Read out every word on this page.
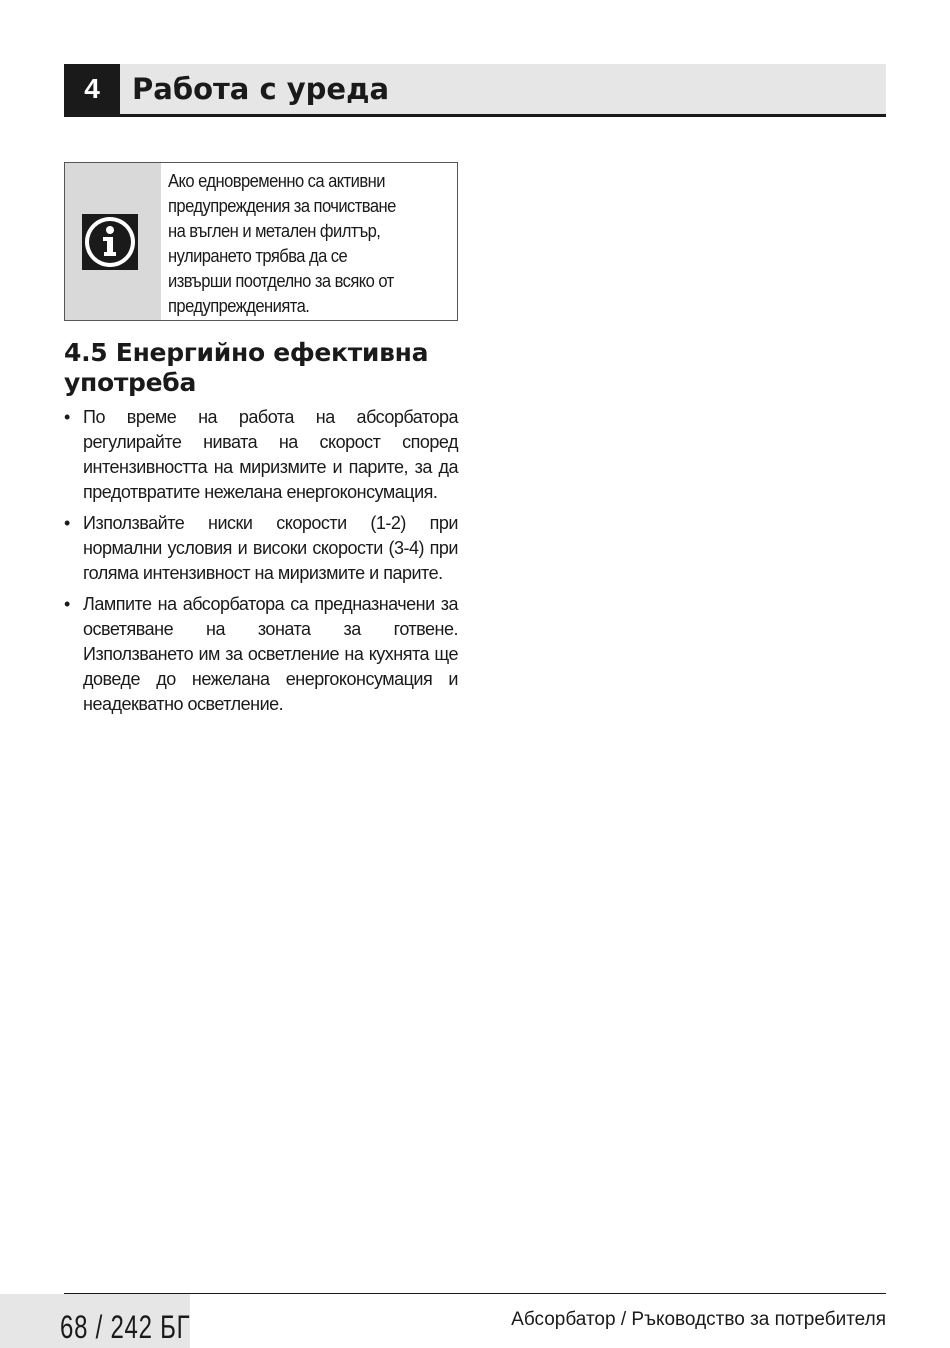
4	Работа с уреда
Ако едновременно са активни
предупреждения за почистване
на въглен и метален филтър,
нулирането трябва да се
извърши поотделно за всяко от
предупрежденията.
4.5 Енергийно ефективна употреба
• По време на работа на абсорбатора регулирайте нивата на скорост според интензивността на миризмите и парите, за да предотвратите нежелана енергоконсумация.
• Използвайте ниски скорости (1-2) при нормални условия и високи скорости (3-4) при голяма интензивност на миризмите и парите.
• Лампите на абсорбатора са предназначени за осветяване на зоната за готвене. Използването им за осветление на кухнята ще доведе до нежелана енергоконсумация и неадекватно осветление.
68 / 242 БГ	Абсорбатор / Ръководство за потребителя
